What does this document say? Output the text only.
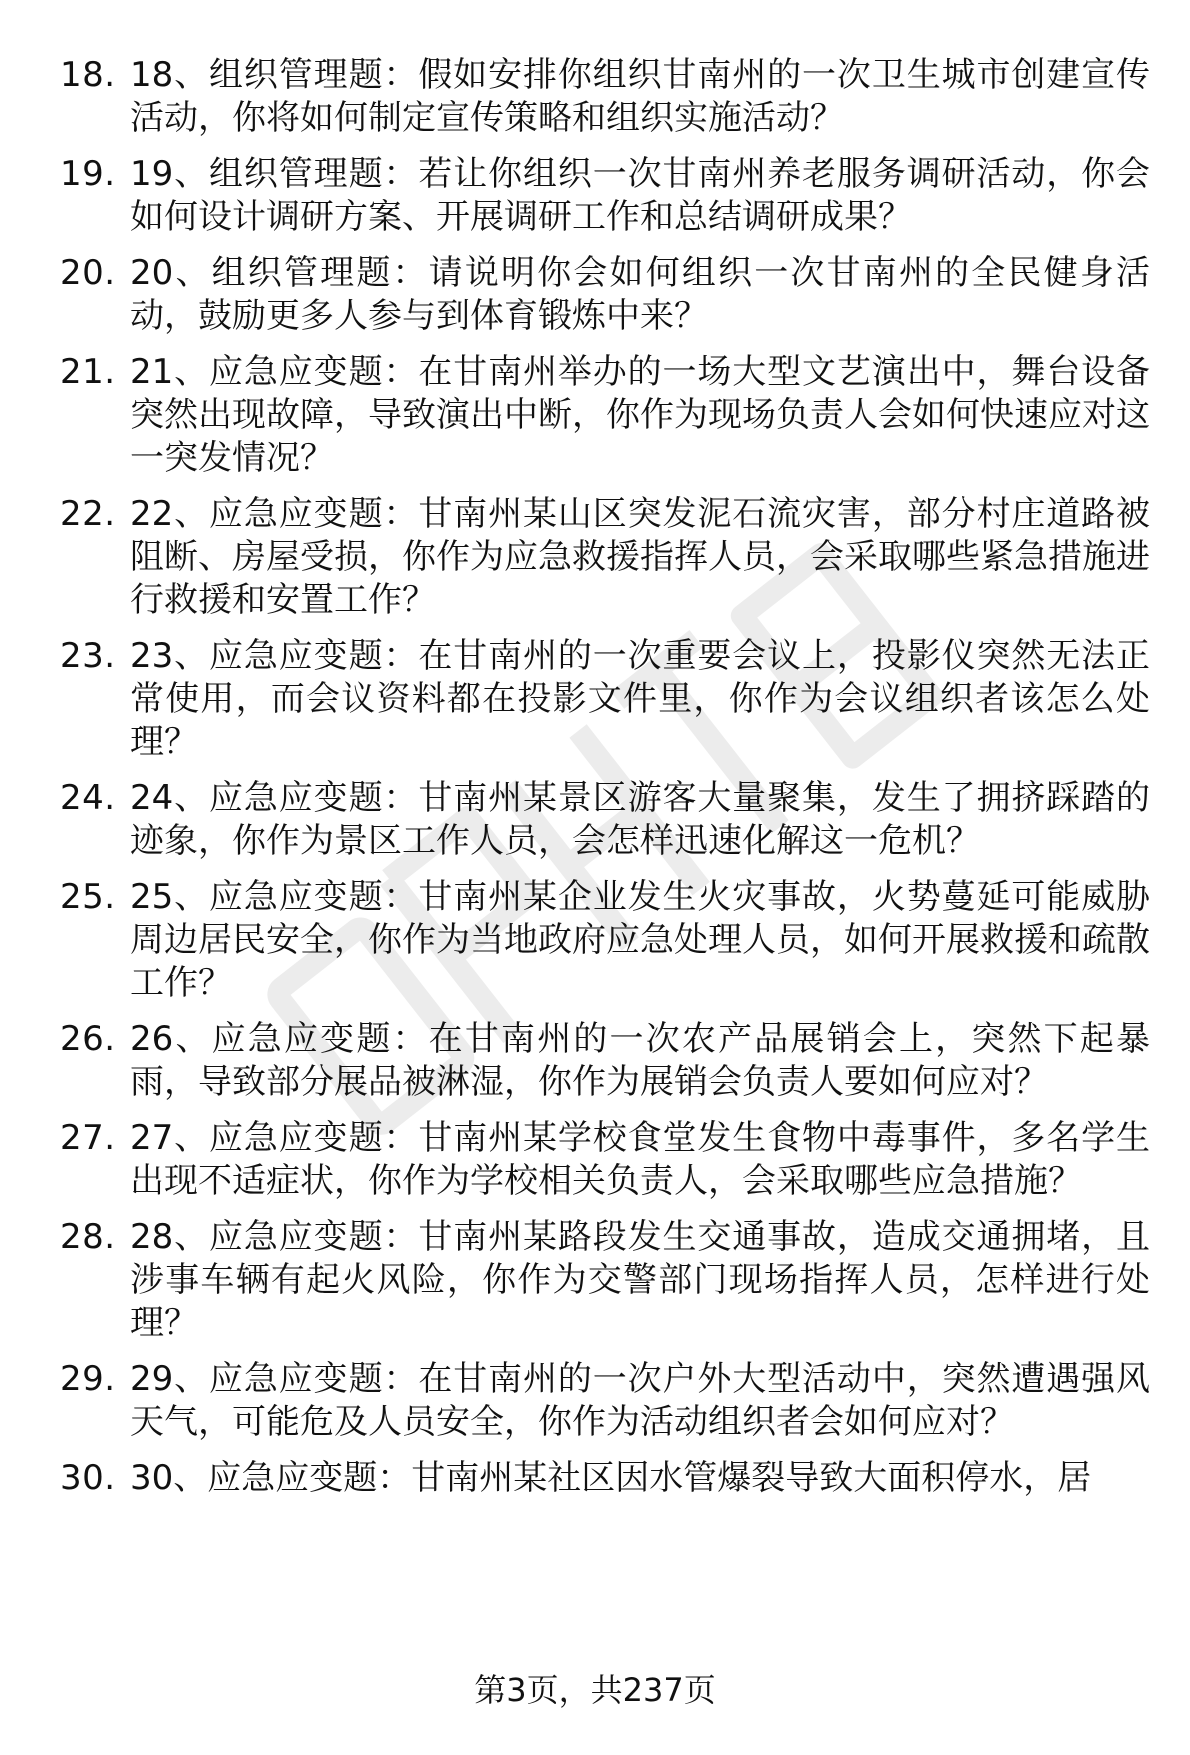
18. 18、组织管理题：假如安排你组织甘南州的一次卫生城市创建宣传活动，你将如何制定宣传策略和组织实施活动？
19. 19、组织管理题：若让你组织一次甘南州养老服务调研活动，你会如何设计调研方案、开展调研工作和总结调研成果？
20. 20、组织管理题：请说明你会如何组织一次甘南州的全民健身活动，鼓励更多人参与到体育锻炼中来？
21. 21、应急应变题：在甘南州举办的一场大型文艺演出中，舞台设备突然出现故障，导致演出中断，你作为现场负责人会如何快速应对这一突发情况？
22. 22、应急应变题：甘南州某山区突发泥石流灾害，部分村庄道路被阻断、房屋受损，你作为应急救援指挥人员，会采取哪些紧急措施进行救援和安置工作？
23. 23、应急应变题：在甘南州的一次重要会议上，投影仪突然无法正常使用，而会议资料都在投影文件里，你作为会议组织者该怎么处理？
24. 24、应急应变题：甘南州某景区游客大量聚集，发生了拥挤踩踏的迹象，你作为景区工作人员，会怎样迅速化解这一危机？
25. 25、应急应变题：甘南州某企业发生火灾事故，火势蔓延可能威胁周边居民安全，你作为当地政府应急处理人员，如何开展救援和疏散工作？
26. 26、应急应变题：在甘南州的一次农产品展销会上，突然下起暴雨，导致部分展品被淋湿，你作为展销会负责人要如何应对？
27. 27、应急应变题：甘南州某学校食堂发生食物中毒事件，多名学生出现不适症状，你作为学校相关负责人，会采取哪些应急措施？
28. 28、应急应变题：甘南州某路段发生交通事故，造成交通拥堵，且涉事车辆有起火风险，你作为交警部门现场指挥人员，怎样进行处理？
29. 29、应急应变题：在甘南州的一次户外大型活动中，突然遭遇强风天气，可能危及人员安全，你作为活动组织者会如何应对？
30. 30、应急应变题：甘南州某社区因水管爆裂导致大面积停水，居
第3页，共237页
